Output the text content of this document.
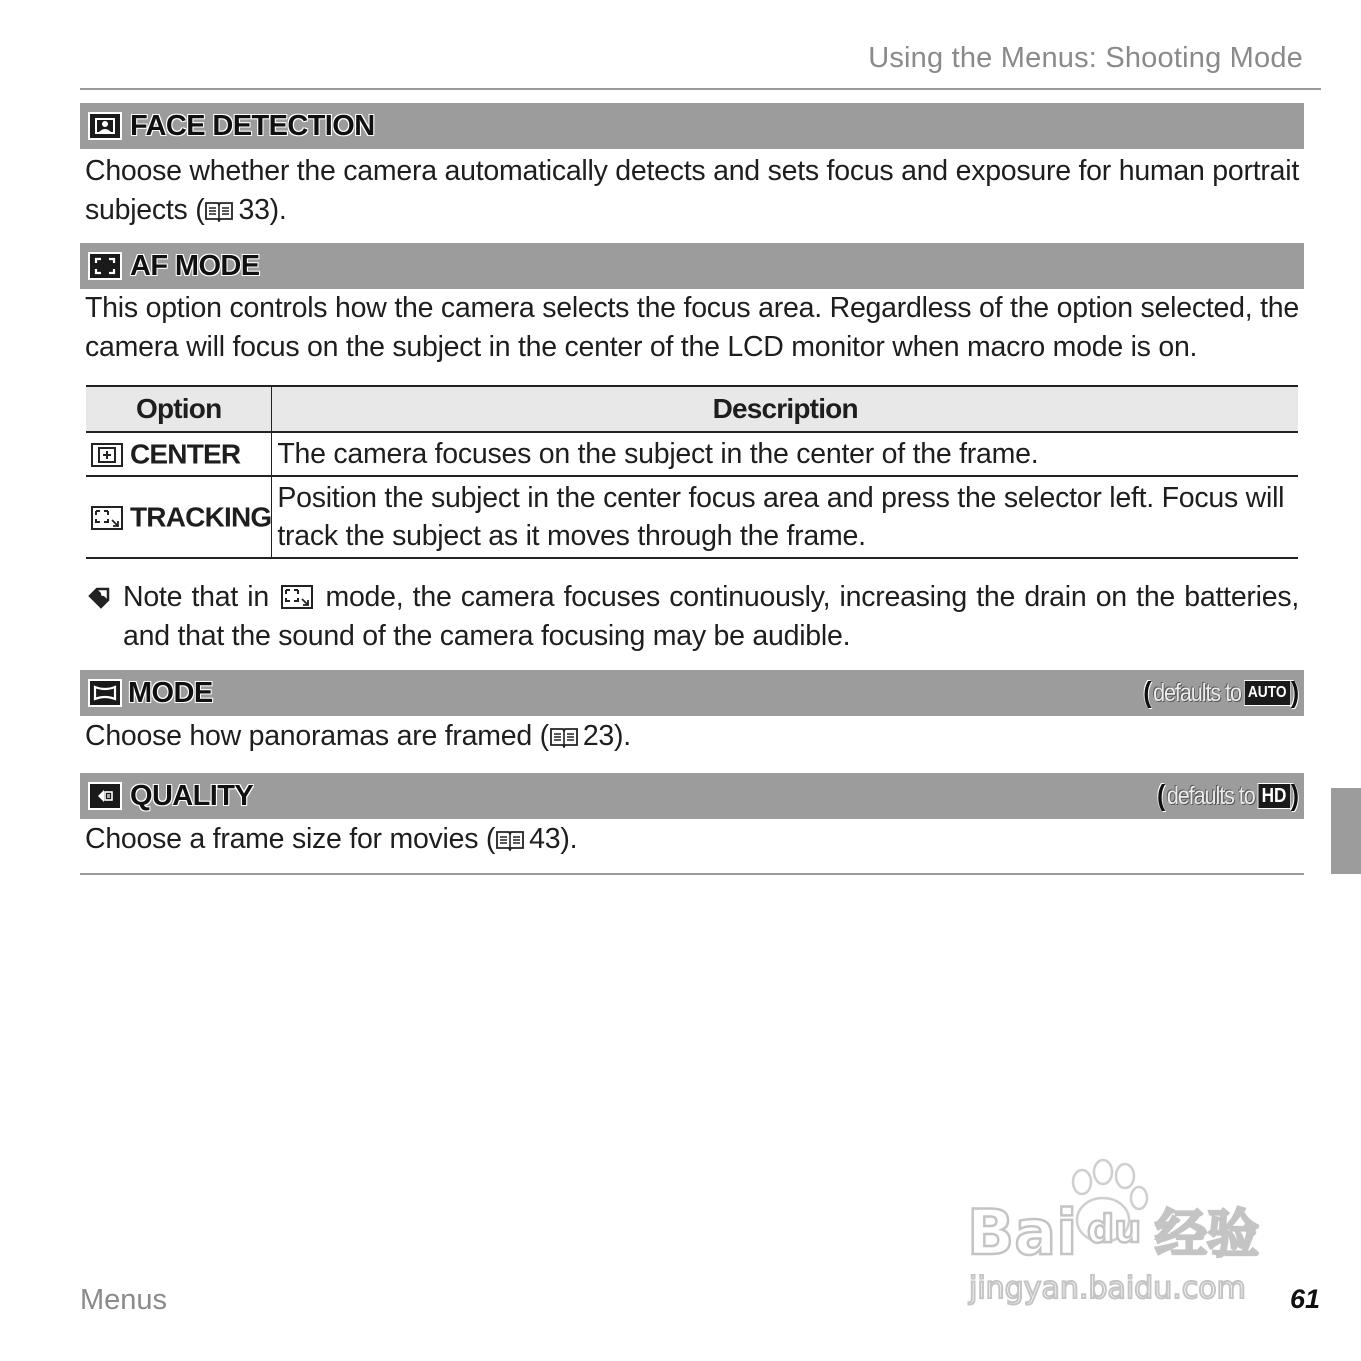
Using the Menus: Shooting Mode
FACE DETECTION

Choose whether the camera automatically detects and sets focus and exposure for human portrait subjects ( 33).

AF MODE

This option controls how the camera selects the focus area. Regardless of the option selected, the camera will focus on the subject in the center of the LCD monitor when macro mode is on.

Option	Description
CENTER	The camera focuses on the subject in the center of the frame.
TRACKING	Position the subject in the center focus area and press the selector left. Focus will track the subject as it moves through the frame.
Note that in mode, the camera focuses continuously, increasing the drain on the batteries, and that the sound of the camera focusing may be audible.
MODE	( defaults to AUTO )

Choose how panoramas are framed ( 23).

QUALITY	( defaults to HD )

Choose a frame size for movies ( 43).

Bai du 经验
jingyan.baidu.com
Menus	61
